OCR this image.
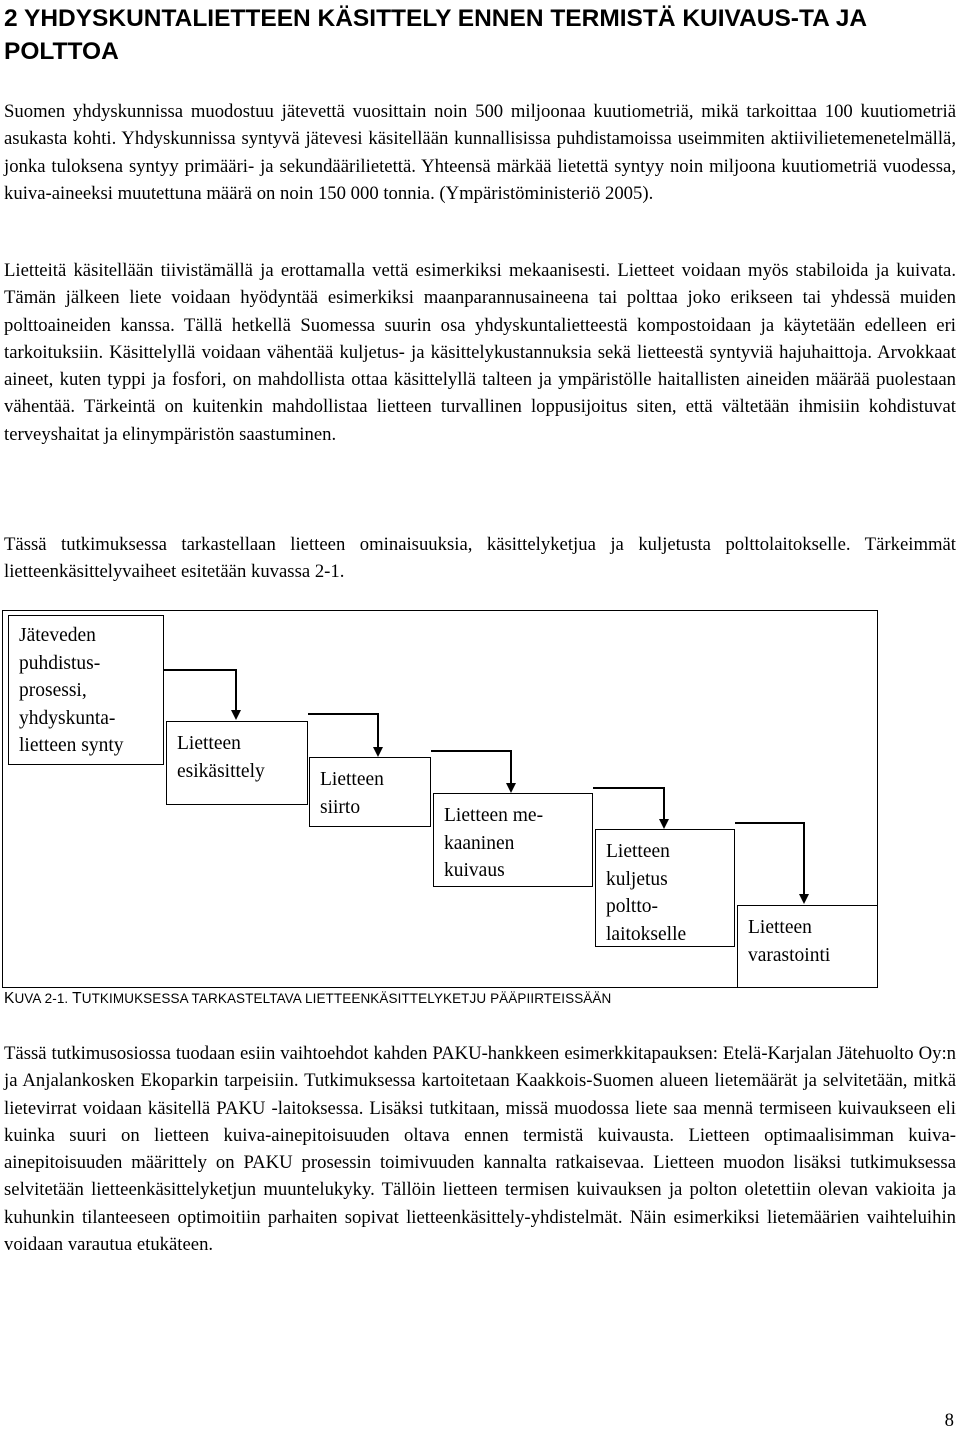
2 YHDYSKUNTALIETTEEN KÄSITTELY ENNEN TERMISTÄ KUIVAUS-TA JA POLTTOA

Suomen yhdyskunnissa muodostuu jätevettä vuosittain noin 500 miljoonaa kuutiometriä, mikä tarkoittaa 100 kuutiometriä asukasta kohti. Yhdyskunnissa syntyvä jätevesi käsitellään kunnallisissa puhdistamoissa useimmiten aktiivilietemenetelmällä, jonka tuloksena syntyy primääri- ja sekundäärilietettä. Yhteensä märkää lietettä syntyy noin miljoona kuutiometriä vuodessa, kuiva-aineeksi muutettuna määrä on noin 150 000 tonnia. (Ympäristöministeriö 2005).

Lietteitä käsitellään tiivistämällä ja erottamalla vettä esimerkiksi mekaanisesti. Lietteet voidaan myös stabiloida ja kuivata. Tämän jälkeen liete voidaan hyödyntää esimerkiksi maanparannusaineena tai polttaa joko erikseen tai yhdessä muiden polttoaineiden kanssa. Tällä hetkellä Suomessa suurin osa yhdyskuntalietteestä kompostoidaan ja käytetään edelleen eri tarkoituksiin. Käsittelyllä voidaan vähentää kuljetus- ja käsittelykustannuksia sekä lietteestä syntyviä hajuhaittoja. Arvokkaat aineet, kuten typpi ja fosfori, on mahdollista ottaa käsittelyllä talteen ja ympäristölle haitallisten aineiden määrää puolestaan vähentää. Tärkeintä on kuitenkin mahdollistaa lietteen turvallinen loppusijoitus siten, että vältetään ihmisiin kohdistuvat terveyshaitat ja elinympäristön saastuminen.

Tässä tutkimuksessa tarkastellaan lietteen ominaisuuksia, käsittelyketjua ja kuljetusta polttolaitokselle. Tärkeimmät lietteenkäsittelyvaiheet esitetään kuvassa 2-1.

Jäteveden
puhdistus-
prosessi,
yhdyskunta-
lietteen synty	Lietteen
esikäsittely	Lietteen
siirto	Lietteen me-
kaaninen
kuivaus
Lietteen
kuljetus
poltto-
laitokselle	Lietteen
varastointi
KUVA 2-1. TUTKIMUKSESSA TARKASTELTAVA LIETTEENKÄSITTELYKETJU PÄÄPIIRTEISSÄÄN

Tässä tutkimusosiossa tuodaan esiin vaihtoehdot kahden PAKU-hankkeen esimerkkitapauksen: Etelä-Karjalan Jätehuolto Oy:n ja Anjalankosken Ekoparkin tarpeisiin. Tutkimuksessa kartoitetaan Kaakkois-Suomen alueen lietemäärät ja selvitetään, mitkä lietevirrat voidaan käsitellä PAKU -laitoksessa. Lisäksi tutkitaan, missä muodossa liete saa mennä termiseen kuivaukseen eli kuinka suuri on lietteen kuiva-ainepitoisuuden oltava ennen termistä kuivausta. Lietteen optimaalisimman kuiva-ainepitoisuuden määrittely on PAKU prosessin toimivuuden kannalta ratkaisevaa. Lietteen muodon lisäksi tutkimuksessa selvitetään lietteenkäsittelyketjun muuntelukyky. Tällöin lietteen termisen kuivauksen ja polton oletettiin olevan vakioita ja kuhunkin tilanteeseen optimoitiin parhaiten sopivat lietteenkäsittely-yhdistelmät. Näin esimerkiksi lietemäärien vaihteluihin voidaan varautua etukäteen.

8
